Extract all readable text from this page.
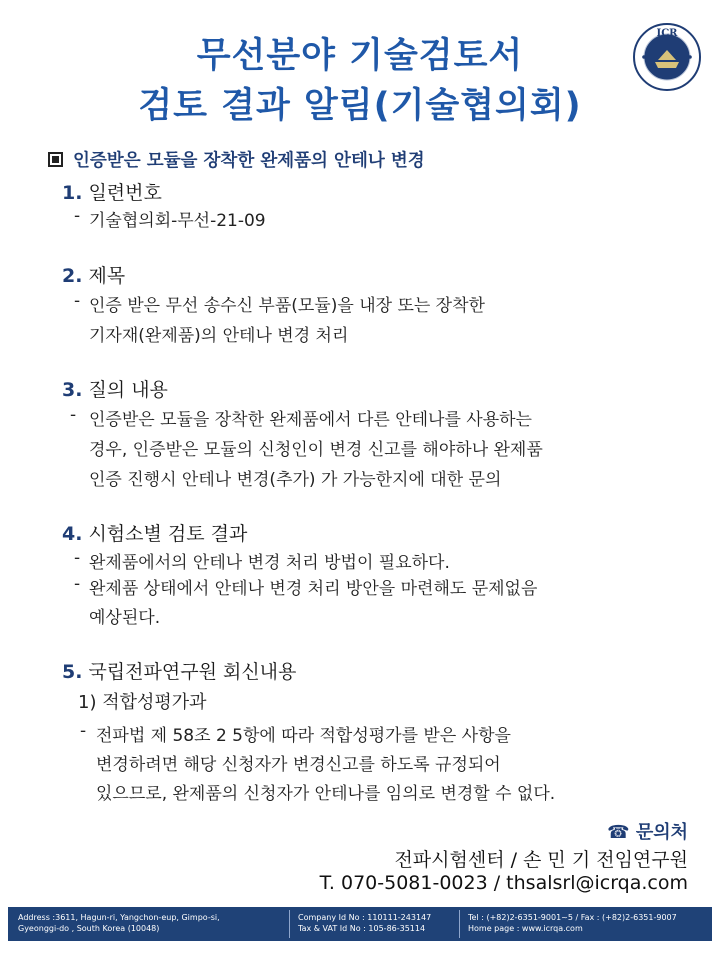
무선분야 기술검토서
검토 결과 알림(기술협의회)
ICR
인증받은 모듈을 장착한 완제품의 안테나 변경
1. 일련번호
- 기술협의회-무선-21-09
2. 제목
- 인증 받은 무선 송수신 부품(모듈)을 내장 또는 장착한
기자재(완제품)의 안테나 변경 처리
3. 질의 내용
- 인증받은 모듈을 장착한 완제품에서 다른 안테나를 사용하는
경우, 인증받은 모듈의 신청인이 변경 신고를 해야하나 완제품
인증 진행시 안테나 변경(추가) 가 가능한지에 대한 문의
4. 시험소별 검토 결과
- 완제품에서의 안테나 변경 처리 방법이 필요하다.
- 완제품 상태에서 안테나 변경 처리 방안을 마련해도 문제없음
예상된다.
5. 국립전파연구원 회신내용
1) 적합성평가과
- 전파법 제 58조 2 5항에 따라 적합성평가를 받은 사항을
변경하려면 해당 신청자가 변경신고를 하도록 규정되어
있으므로, 완제품의 신청자가 안테나를 임의로 변경할 수 없다.
☎ 문의처
전파시험센터 / 손 민 기 전임연구원
T. 070-5081-0023 / thsalsrl@icrqa.com
Address :3611, Hagun-ri, Yangchon-eup, Gimpo-si,
Gyeonggi-do , South Korea (10048)
Company Id No : 110111-243147
Tax & VAT Id No : 105-86-35114
Tel : (+82)2-6351-9001~5 / Fax : (+82)2-6351-9007
Home page : www.icrqa.com
